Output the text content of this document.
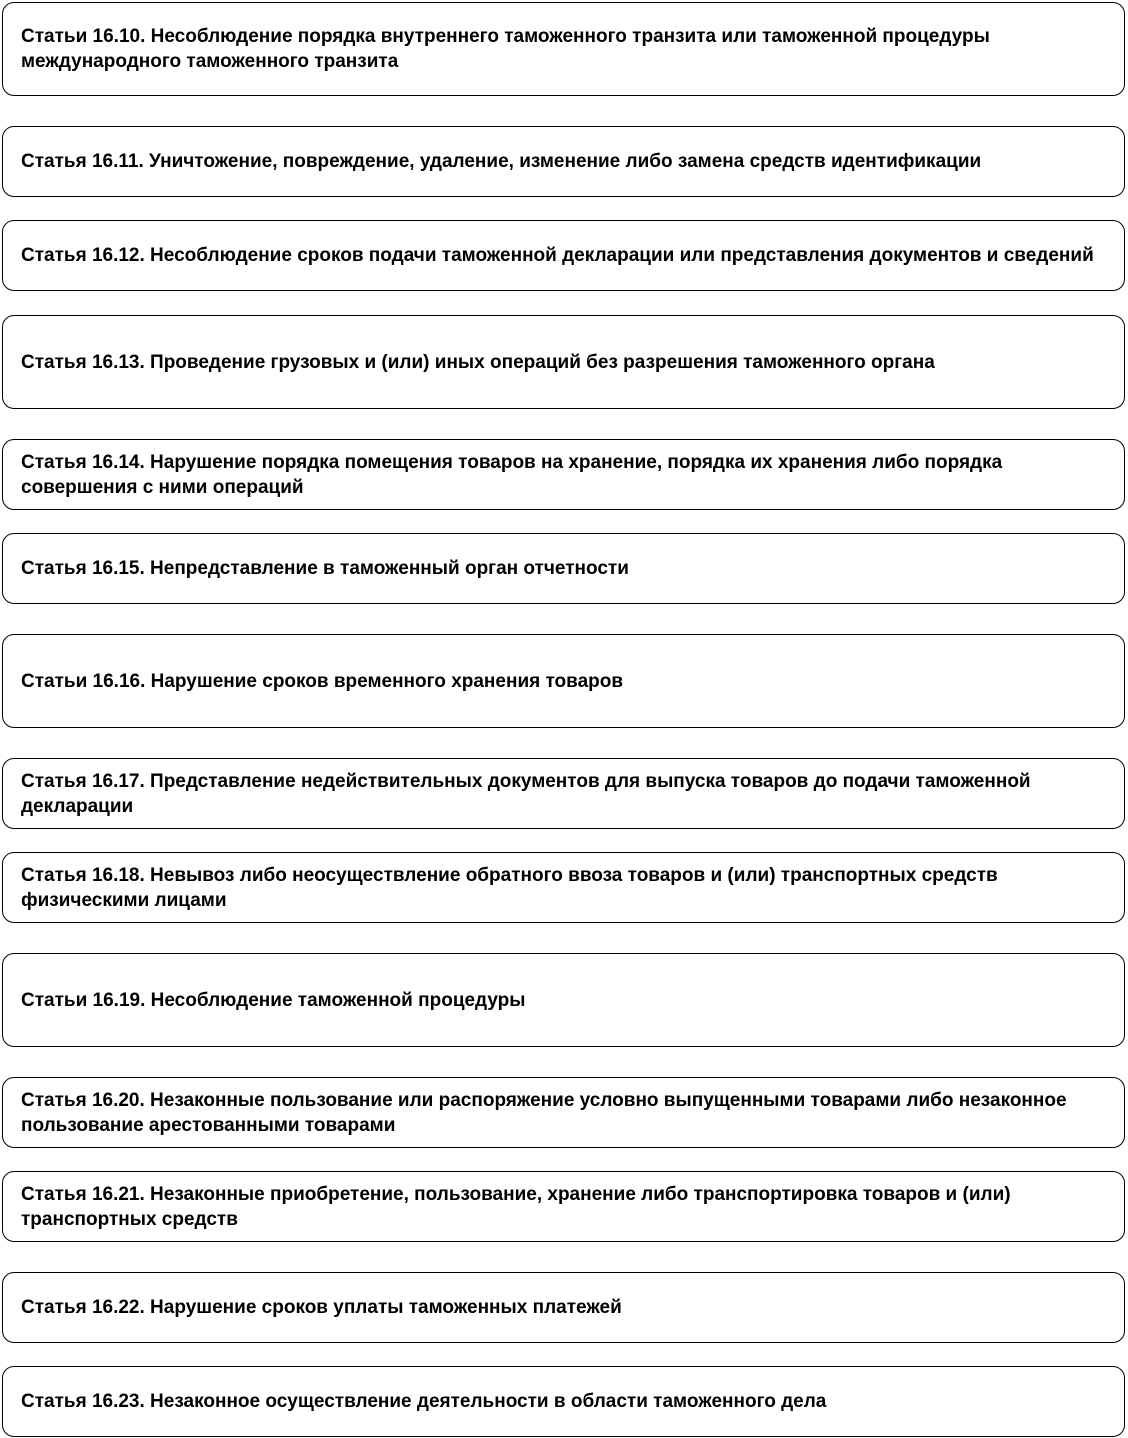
Статьи 16.10. Несоблюдение порядка внутреннего таможенного транзита или таможенной процедуры международного таможенного транзита
Статья 16.11. Уничтожение, повреждение, удаление, изменение либо замена средств идентификации
Статья 16.12. Несоблюдение сроков подачи таможенной декларации или представления документов и сведений
Статья 16.13. Проведение грузовых и (или) иных операций без разрешения таможенного органа
Статья 16.14. Нарушение порядка помещения товаров на хранение, порядка их хранения либо порядка совершения с ними операций
Статья 16.15. Непредставление в таможенный орган отчетности
Статьи 16.16. Нарушение сроков временного хранения товаров
Статья 16.17. Представление недействительных документов для выпуска товаров до подачи таможенной декларации
Статья 16.18. Невывоз либо неосуществление обратного ввоза товаров и (или) транспортных средств физическими лицами
Статьи 16.19. Несоблюдение таможенной процедуры
Статья 16.20. Незаконные пользование или распоряжение условно выпущенными товарами либо незаконное пользование арестованными товарами
Статья 16.21. Незаконные приобретение, пользование, хранение либо транспортировка товаров и (или) транспортных средств
Статья 16.22. Нарушение сроков уплаты таможенных платежей
Статья 16.23. Незаконное осуществление деятельности в области таможенного дела
